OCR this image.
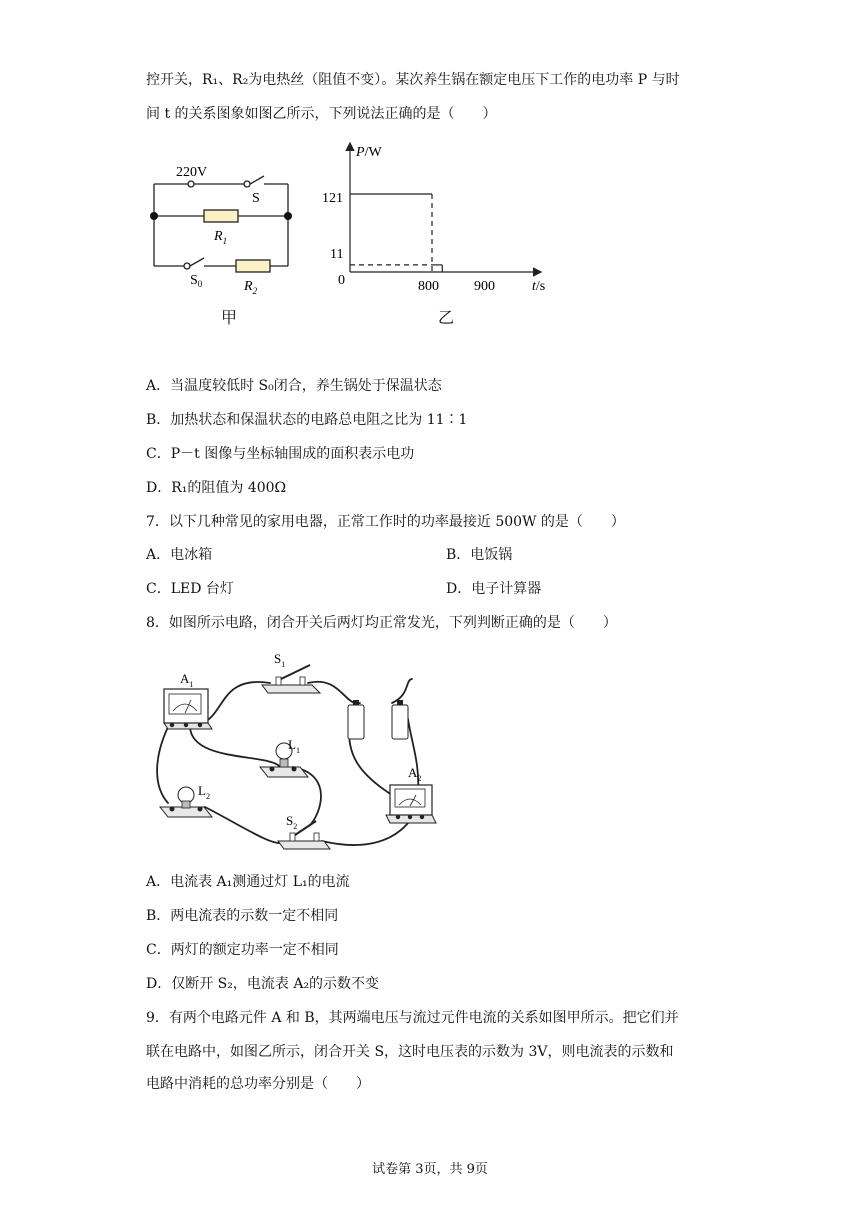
控开关，R₁、R₂为电热丝（阻值不变）。某次养生锅在额定电压下工作的电功率 P 与时
间 t 的关系图象如图乙所示，下列说法正确的是（　　）
220V
S
$R_1$
$S_0$	$R_2$
甲
P/W
t/s
0
121
11
800	900
乙
A．当温度较低时 S₀闭合，养生锅处于保温状态
B．加热状态和保温状态的电路总电阻之比为 11∶1
C．P－t 图像与坐标轴围成的面积表示电功
D．R₁的阻值为 400Ω
7．以下几种常见的家用电器，正常工作时的功率最接近 500W 的是（　　）
A．电冰箱	B．电饭锅
C．LED 台灯	D．电子计算器
8．如图所示电路，闭合开关后两灯均正常发光，下列判断正确的是（　　）
$A_1$
$S_1$
$L_1$
$L_2$
$S_2$
$A_2$
A．电流表 A₁测通过灯 L₁的电流
B．两电流表的示数一定不相同
C．两灯的额定功率一定不相同
D．仅断开 S₂，电流表 A₂的示数不变
9．有两个电路元件 A 和 B，其两端电压与流过元件电流的关系如图甲所示。把它们并
联在电路中，如图乙所示，闭合开关 S，这时电压表的示数为 3V，则电流表的示数和
电路中消耗的总功率分别是（　　）
试卷第 3页，共 9页
